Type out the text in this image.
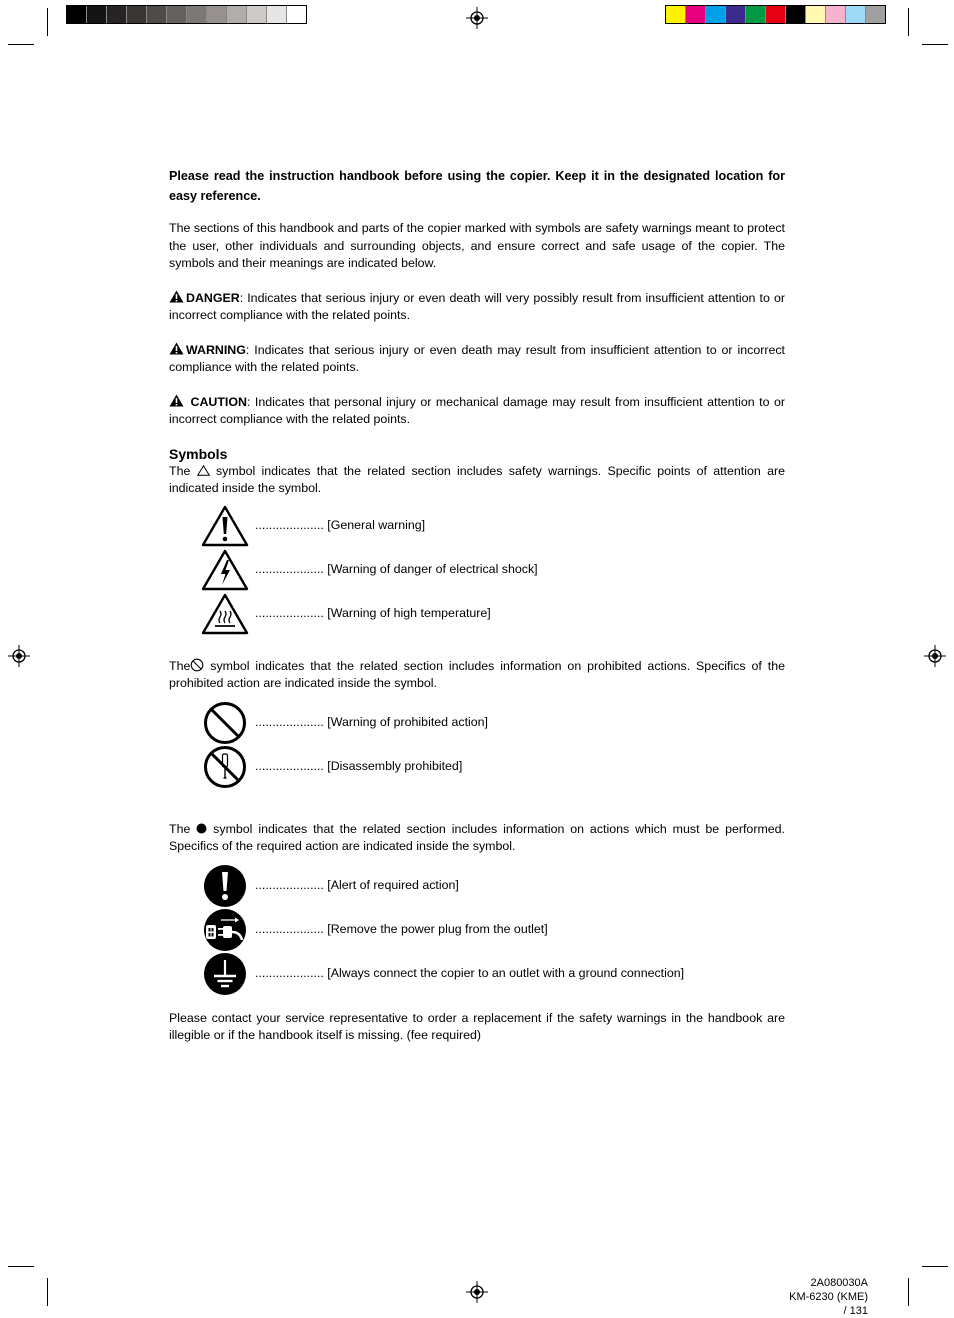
Please read the instruction handbook before using the copier. Keep it in the designated location for easy reference.

The sections of this handbook and parts of the copier marked with symbols are safety warnings meant to protect the user, other individuals and surrounding objects, and ensure correct and safe usage of the copier. The symbols and their meanings are indicated below.

DANGER: Indicates that serious injury or even death will very possibly result from insufficient attention to or incorrect compliance with the related points.

WARNING: Indicates that serious injury or even death may result from insufficient attention to or incorrect compliance with the related points.

CAUTION: Indicates that personal injury or mechanical damage may result from insufficient attention to or incorrect compliance with the related points.

Symbols

The symbol indicates that the related section includes safety warnings. Specific points of attention are indicated inside the symbol.

.................... [General warning]
.................... [Warning of danger of electrical shock]
.................... [Warning of high temperature]

The symbol indicates that the related section includes information on prohibited actions. Specifics of the prohibited action are indicated inside the symbol.

.................... [Warning of prohibited action]
.................... [Disassembly prohibited]

The symbol indicates that the related section includes information on actions which must be performed. Specifics of the required action are indicated inside the symbol.

.................... [Alert of required action]
.................... [Remove the power plug from the outlet]
.................... [Always connect the copier to an outlet with a ground connection]

Please contact your service representative to order a replacement if the safety warnings in the handbook are illegible or if the handbook itself is missing. (fee required)

2A080030A
KM-6230 (KME)
/ 131
